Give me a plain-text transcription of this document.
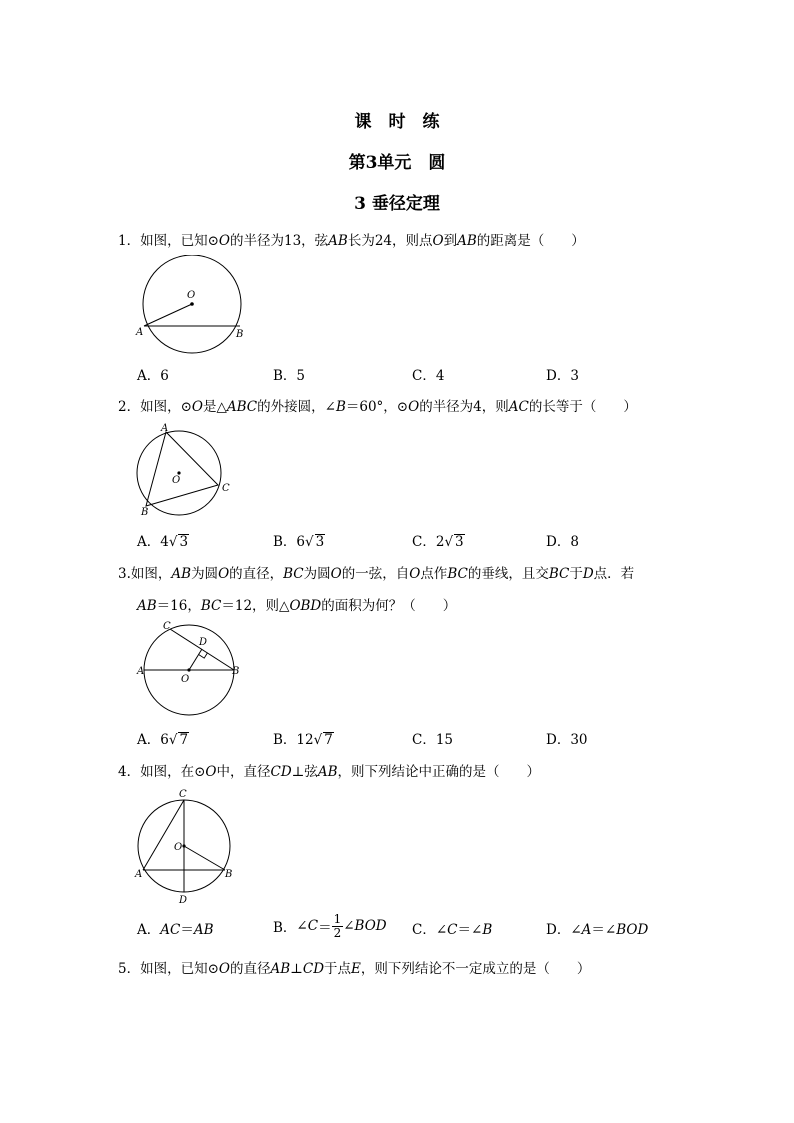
课　时　练
第3单元　圆
3 垂径定理
1．如图，已知⊙O的半径为13，弦AB长为24，则点O到AB的距离是（　　）
O
A	B
A．6	B．5	C．4	D．3
2．如图，⊙O是△ABC的外接圆，∠B＝60°，⊙O的半径为4，则AC的长等于（　　）
A
B
C
O
A．4√ 3	B．6√ 3	C．2√ 3	D．8
3.如图，AB为圆O的直径，BC为圆O的一弦，自O点作BC的垂线，且交BC于D点．若
AB＝16，BC＝12，则△OBD的面积为何？（　　）
C
D
A	B
O
A．6√ 7	B．12√ 7	C．15	D．30
4．如图，在⊙O中，直径CD⊥弦AB，则下列结论中正确的是（　　）
C
O
A	B
D
A．AC＝AB	B． ∠ $C = \frac{1}{2}$ ∠ BOD C．∠C＝∠B	D．∠A＝∠BOD
5．如图，已知⊙O的直径AB⊥CD于点E，则下列结论不一定成立的是（　　）
